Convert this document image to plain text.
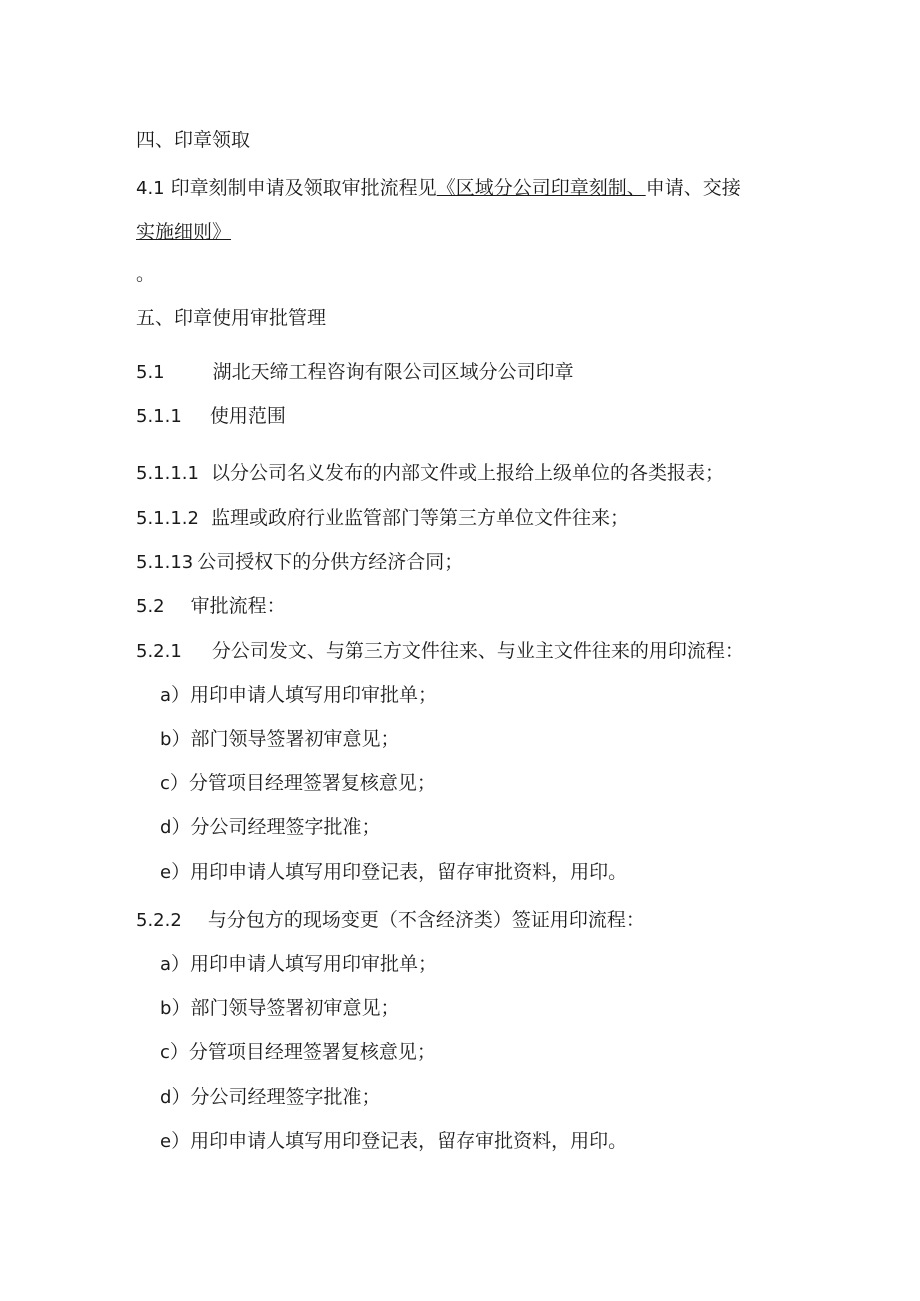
四、印章领取
4.1 印章刻制申请及领取审批流程见《区域分公司印章刻制、申请、交接
实施细则》
。
五、印章使用审批管理
5.1	湖北天缔工程咨询有限公司区域分公司印章
5.1.1 使用范围
5.1.1.1 以分公司名义发布的内部文件或上报给上级单位的各类报表；
5.1.1.2 监理或政府行业监管部门等第三方单位文件往来；
5.1.13 公司授权下的分供方经济合同；
5.2 审批流程：
5.2.1 分公司发文、与第三方文件往来、与业主文件往来的用印流程：
a）用印申请人填写用印审批单；
b）部门领导签署初审意见；
c）分管项目经理签署复核意见；
d）分公司经理签字批准；
e）用印申请人填写用印登记表，留存审批资料，用印。
5.2.2 与分包方的现场变更（不含经济类）签证用印流程：
a）用印申请人填写用印审批单；
b）部门领导签署初审意见；
c）分管项目经理签署复核意见；
d）分公司经理签字批准；
e）用印申请人填写用印登记表，留存审批资料，用印。
